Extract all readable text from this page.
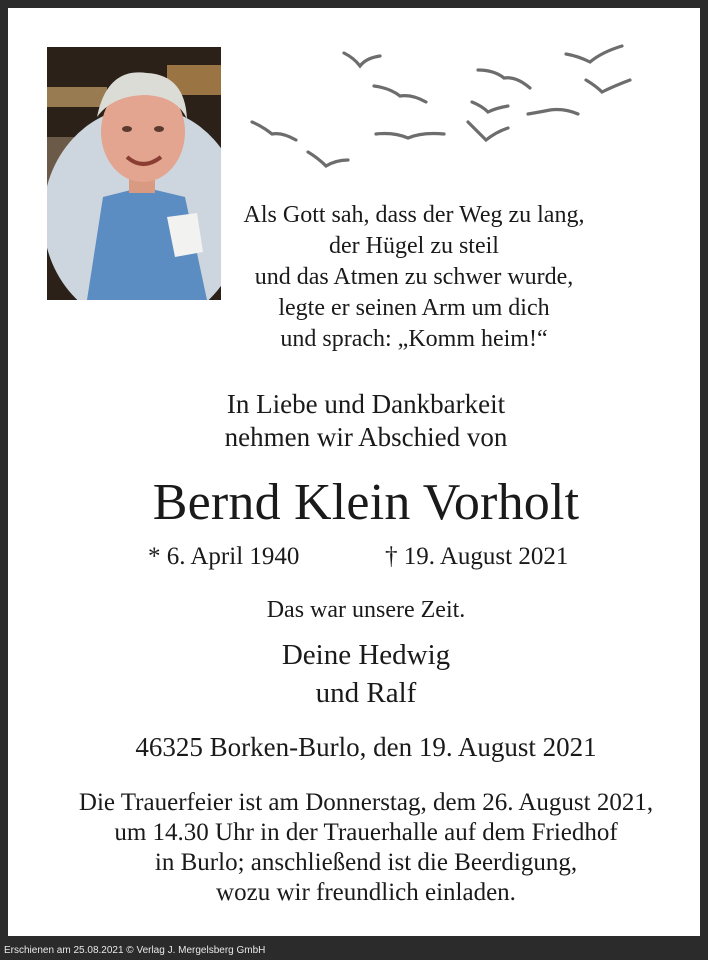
Als Gott sah, dass der Weg zu lang,
der Hügel zu steil
und das Atmen zu schwer wurde,
legte er seinen Arm um dich
und sprach: „Komm heim!“
In Liebe und Dankbarkeit
nehmen wir Abschied von
Bernd Klein Vorholt
* 6. April 1940	† 19. August 2021
Das war unsere Zeit.
Deine Hedwig
und Ralf
46325 Borken-Burlo, den 19. August 2021
Die Trauerfeier ist am Donnerstag, dem 26. August 2021,
um 14.30 Uhr in der Trauerhalle auf dem Friedhof
in Burlo; anschließend ist die Beerdigung,
wozu wir freundlich einladen.
Erschienen am 25.08.2021 © Verlag J. Mergelsberg GmbH
